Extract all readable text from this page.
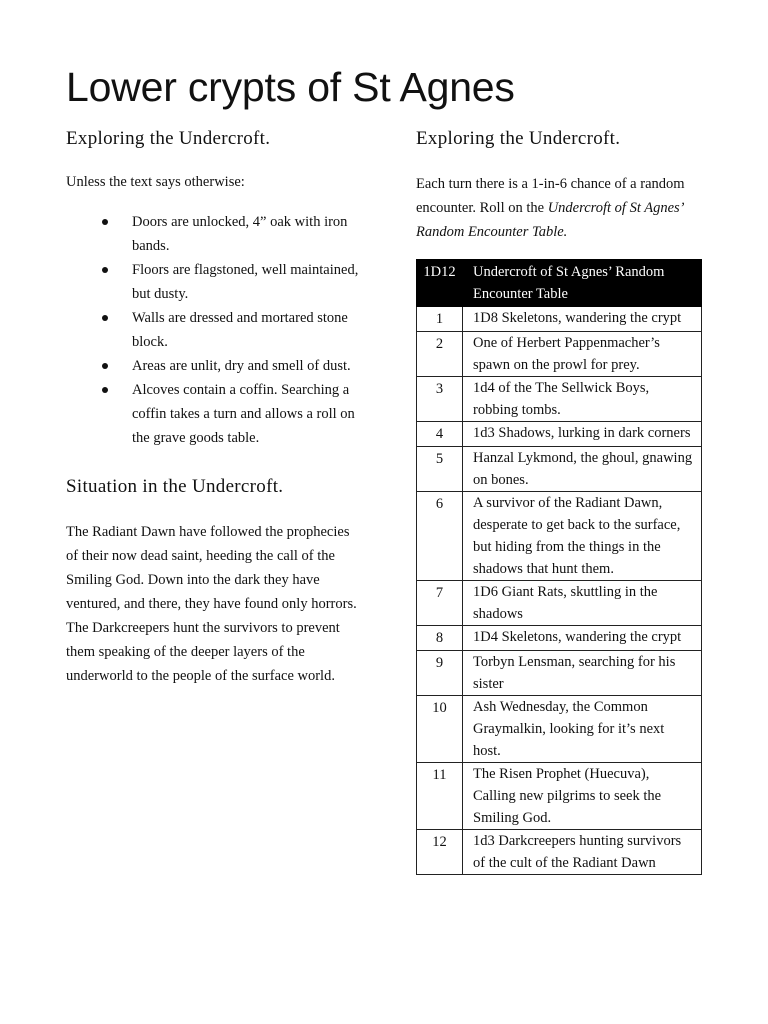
Lower crypts of St Agnes
Exploring the Undercroft.

Unless the text says otherwise:

Doors are unlocked, 4” oak with iron bands.
Floors are flagstoned, well maintained, but dusty.
Walls are dressed and mortared stone block.
Areas are unlit, dry and smell of dust.
Alcoves contain a coffin. Searching a coffin takes a turn and allows a roll on the grave goods table.
Situation in the Undercroft.

The Radiant Dawn have followed the prophecies of their now dead saint, heeding the call of the Smiling God. Down into the dark they have ventured, and there, they have found only horrors. The Darkcreepers hunt the survivors to prevent them speaking of the deeper layers of the underworld to the people of the surface world.

Exploring the Undercroft.

Each turn there is a 1-in-6 chance of a random encounter. Roll on the Undercroft of St Agnes’ Random Encounter Table.

1D12	Undercroft of St Agnes’ Random Encounter Table
1	1D8 Skeletons, wandering the crypt
2	One of Herbert Pappenmacher’s spawn on the prowl for prey.
3	1d4 of the The Sellwick Boys, robbing tombs.
4	1d3 Shadows, lurking in dark corners
5	Hanzal Lykmond, the ghoul, gnawing on bones.
6	A survivor of the Radiant Dawn, desperate to get back to the surface, but hiding from the things in the shadows that hunt them.
7	1D6 Giant Rats, skuttling in the shadows
8	1D4 Skeletons, wandering the crypt
9	Torbyn Lensman, searching for his sister
10	Ash Wednesday, the Common Graymalkin, looking for it’s next host.
11	The Risen Prophet (Huecuva), Calling new pilgrims to seek the Smiling God.
12	1d3 Darkcreepers hunting survivors of the cult of the Radiant Dawn
